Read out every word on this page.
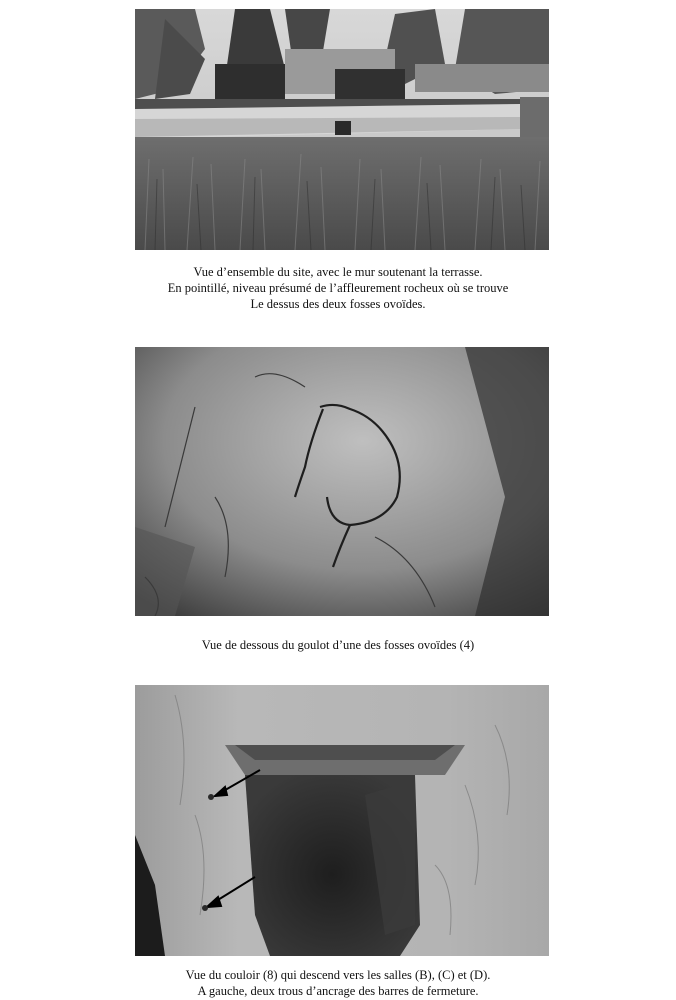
Vue d’ensemble du site, avec le mur soutenant la terrasse.
En pointillé, niveau présumé de l’affleurement rocheux où se trouve
Le dessus des deux fosses ovoïdes.
Vue de dessous du goulot d’une des fosses ovoïdes (4)
Vue du couloir (8) qui descend vers les salles (B), (C) et (D).
A gauche, deux trous d’ancrage des barres de fermeture.
